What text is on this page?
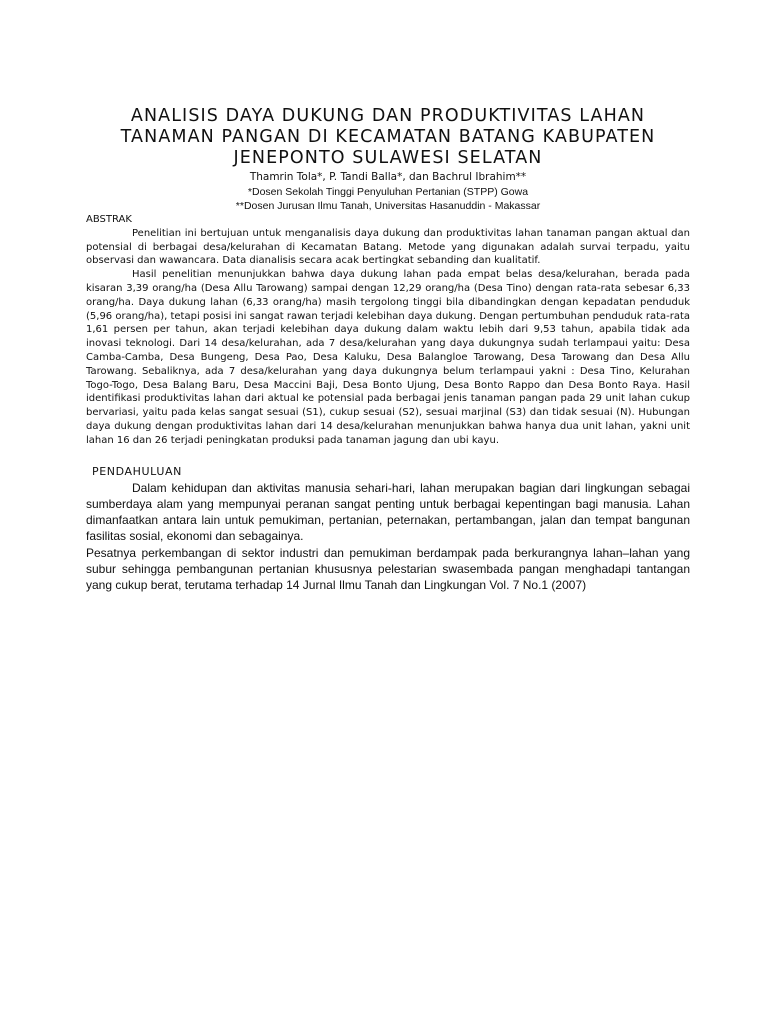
ANALISIS DAYA DUKUNG DAN PRODUKTIVITAS LAHAN TANAMAN PANGAN DI KECAMATAN BATANG KABUPATEN JENEPONTO SULAWESI SELATAN

Thamrin Tola*, P. Tandi Balla*, dan Bachrul Ibrahim**

*Dosen Sekolah Tinggi Penyuluhan Pertanian (STPP) Gowa

**Dosen Jurusan Ilmu Tanah, Universitas Hasanuddin - Makassar

ABSTRAK

Penelitian ini bertujuan untuk menganalisis daya dukung dan produktivitas lahan tanaman pangan aktual dan potensial di berbagai desa/kelurahan di Kecamatan Batang. Metode yang digunakan adalah survai terpadu, yaitu observasi dan wawancara. Data dianalisis secara acak bertingkat sebanding dan kualitatif.

Hasil penelitian menunjukkan bahwa daya dukung lahan pada empat belas desa/kelurahan, berada pada kisaran 3,39 orang/ha (Desa Allu Tarowang) sampai dengan 12,29 orang/ha (Desa Tino) dengan rata-rata sebesar 6,33 orang/ha. Daya dukung lahan (6,33 orang/ha) masih tergolong tinggi bila dibandingkan dengan kepadatan penduduk (5,96 orang/ha), tetapi posisi ini sangat rawan terjadi kelebihan daya dukung. Dengan pertumbuhan penduduk rata-rata 1,61 persen per tahun, akan terjadi kelebihan daya dukung dalam waktu lebih dari 9,53 tahun, apabila tidak ada inovasi teknologi. Dari 14 desa/kelurahan, ada 7 desa/kelurahan yang daya dukungnya sudah terlampaui yaitu: Desa Camba-Camba, Desa Bungeng, Desa Pao, Desa Kaluku, Desa Balangloe Tarowang, Desa Tarowang dan Desa Allu Tarowang. Sebaliknya, ada 7 desa/kelurahan yang daya dukungnya belum terlampaui yakni : Desa Tino, Kelurahan Togo-Togo, Desa Balang Baru, Desa Maccini Baji, Desa Bonto Ujung, Desa Bonto Rappo dan Desa Bonto Raya. Hasil identifikasi produktivitas lahan dari aktual ke potensial pada berbagai jenis tanaman pangan pada 29 unit lahan cukup bervariasi, yaitu pada kelas sangat sesuai (S1), cukup sesuai (S2), sesuai marjinal (S3) dan tidak sesuai (N). Hubungan daya dukung dengan produktivitas lahan dari 14 desa/kelurahan menunjukkan bahwa hanya dua unit lahan, yakni unit lahan 16 dan 26 terjadi peningkatan produksi pada tanaman jagung dan ubi kayu.

PENDAHULUAN

Dalam kehidupan dan aktivitas manusia sehari-hari, lahan merupakan bagian dari lingkungan sebagai sumberdaya alam yang mempunyai peranan sangat penting untuk berbagai kepentingan bagi manusia. Lahan dimanfaatkan antara lain untuk pemukiman, pertanian, peternakan, pertambangan, jalan dan tempat bangunan fasilitas sosial, ekonomi dan sebagainya.

Pesatnya perkembangan di sektor industri dan pemukiman berdampak pada berkurangnya lahan–lahan yang subur sehingga pembangunan pertanian khususnya pelestarian swasembada pangan menghadapi tantangan yang cukup berat, terutama terhadap 14 Jurnal Ilmu Tanah dan Lingkungan Vol. 7 No.1 (2007)
